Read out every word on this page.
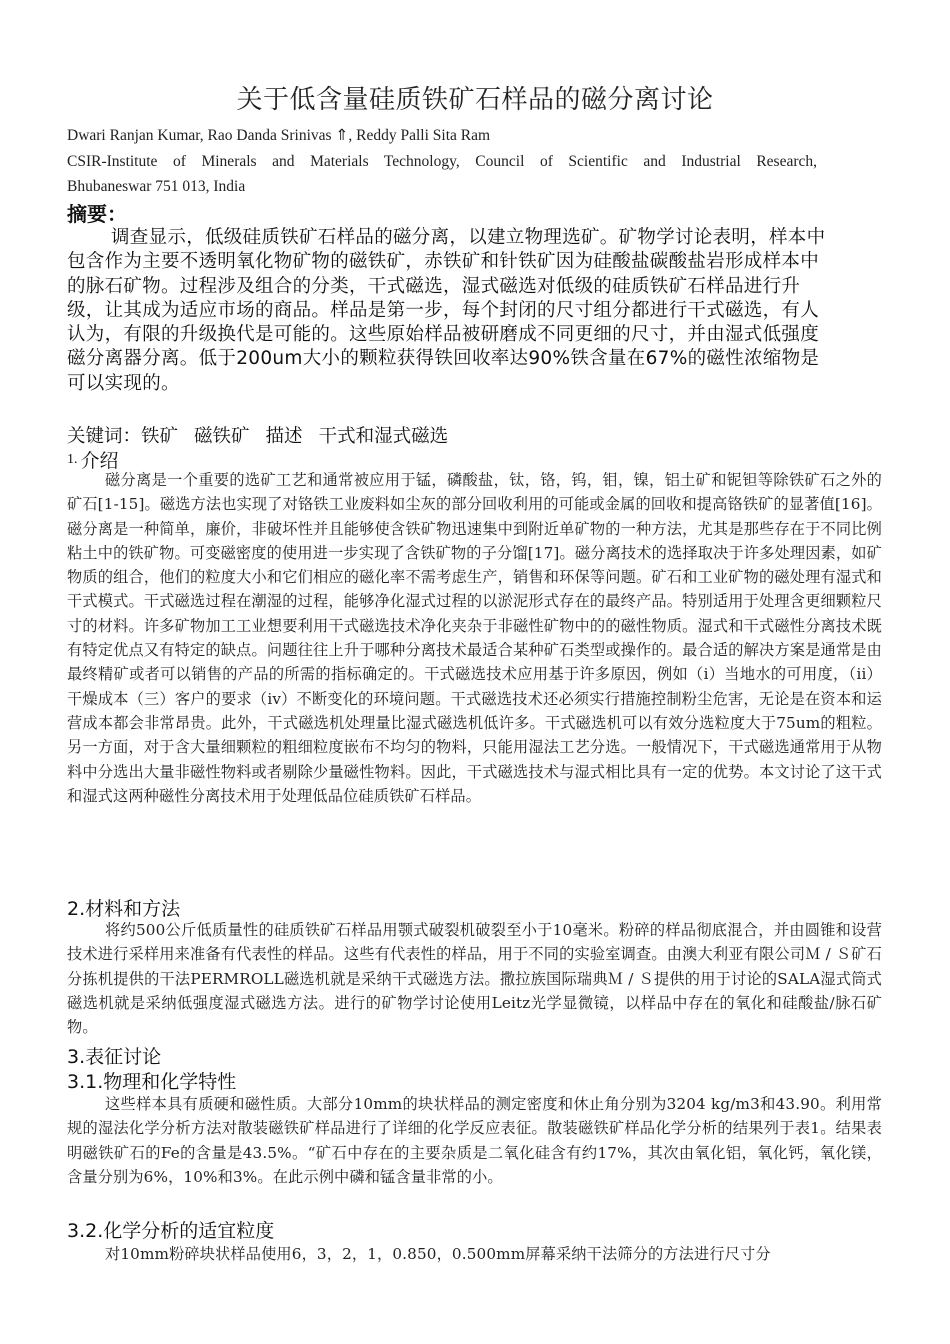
关于低含量硅质铁矿石样品的磁分离讨论
Dwari Ranjan Kumar, Rao Danda Srinivas ⇑, Reddy Palli Sita Ram
CSIR-Institute of Minerals and Materials Technology, Council of Scientific and Industrial Research,
Bhubaneswar 751 013, India
摘要：

调查显示，低级硅质铁矿石样品的磁分离，以建立物理选矿。矿物学讨论表明，样本中包含作为主要不透明氧化物矿物的磁铁矿，赤铁矿和针铁矿因为硅酸盐碳酸盐岩形成样本中的脉石矿物。过程涉及组合的分类，干式磁选，湿式磁选对低级的硅质铁矿石样品进行升级，让其成为适应市场的商品。样品是第一步，每个封闭的尺寸组分都进行干式磁选，有人认为，有限的升级换代是可能的。这些原始样品被研磨成不同更细的尺寸，并由湿式低强度磁分离器分离。低于200um大小的颗粒获得铁回收率达90%铁含量在67%的磁性浓缩物是可以实现的。

关键词：铁矿 磁铁矿 描述 干式和湿式磁选
$^{1.}$ 介绍

磁分离是一个重要的选矿工艺和通常被应用于锰，磷酸盐，钛，铬，钨，钼，镍，铝土矿和铌钽等除铁矿石之外的矿石[1-15]。磁选方法也实现了对铬铁工业废料如尘灰的部分回收利用的可能或金属的回收和提高铬铁矿的显著值[16]。磁分离是一种简单，廉价，非破坏性并且能够使含铁矿物迅速集中到附近单矿物的一种方法，尤其是那些存在于不同比例粘土中的铁矿物。可变磁密度的使用进一步实现了含铁矿物的子分馏[17]。磁分离技术的选择取决于许多处理因素，如矿物质的组合，他们的粒度大小和它们相应的磁化率不需考虑生产，销售和环保等问题。矿石和工业矿物的磁处理有湿式和干式模式。干式磁选过程在潮湿的过程，能够净化湿式过程的以淤泥形式存在的最终产品。特别适用于处理含更细颗粒尺寸的材料。许多矿物加工工业想要利用干式磁选技术净化夹杂于非磁性矿物中的的磁性物质。湿式和干式磁性分离技术既有特定优点又有特定的缺点。问题往往上升于哪种分离技术最适合某种矿石类型或操作的。最合适的解决方案是通常是由最终精矿或者可以销售的产品的所需的指标确定的。干式磁选技术应用基于许多原因，例如（i）当地水的可用度，（ii）干燥成本（三）客户的要求（iv）不断变化的环境问题。干式磁选技术还必须实行措施控制粉尘危害，无论是在资本和运营成本都会非常昂贵。此外，干式磁选机处理量比湿式磁选机低许多。干式磁选机可以有效分选粒度大于75um的粗粒。另一方面，对于含大量细颗粒的粗细粒度嵌布不均匀的物料，只能用湿法工艺分选。一般情况下，干式磁选通常用于从物料中分选出大量非磁性物料或者剔除少量磁性物料。因此，干式磁选技术与湿式相比具有一定的优势。本文讨论了这干式和湿式这两种磁性分离技术用于处理低品位硅质铁矿石样品。

2.材料和方法

将约500公斤低质量性的硅质铁矿石样品用颚式破裂机破裂至小于10毫米。粉碎的样品彻底混合，并由圆锥和设营技术进行采样用来准备有代表性的样品。这些有代表性的样品，用于不同的实验室调查。由澳大利亚有限公司Ｍ / Ｓ矿石分拣机提供的干法PERMROLL磁选机就是采纳干式磁选方法。撒拉族国际瑞典Ｍ / Ｓ提供的用于讨论的SALA湿式筒式磁选机就是采纳低强度湿式磁选方法。进行的矿物学讨论使用Leitz光学显微镜，以样品中存在的氧化和硅酸盐/脉石矿物。

3.表征讨论
3.1.物理和化学特性

这些样本具有质硬和磁性质。大部分10mm的块状样品的测定密度和休止角分别为3204 kg/m3和43.90。利用常规的湿法化学分析方法对散装磁铁矿样品进行了详细的化学反应表征。散装磁铁矿样品化学分析的结果列于表1。结果表明磁铁矿石的Fe的含量是43.5%。“矿石中存在的主要杂质是二氧化硅含有约17%，其次由氧化铝，氧化钙，氧化镁，含量分别为6%，10%和3%。在此示例中磷和锰含量非常的小。

3.2.化学分析的适宜粒度

对10mm粉碎块状样品使用6，3，2，1，0.850，0.500mm屏幕采纳干法筛分的方法进行尺寸分
